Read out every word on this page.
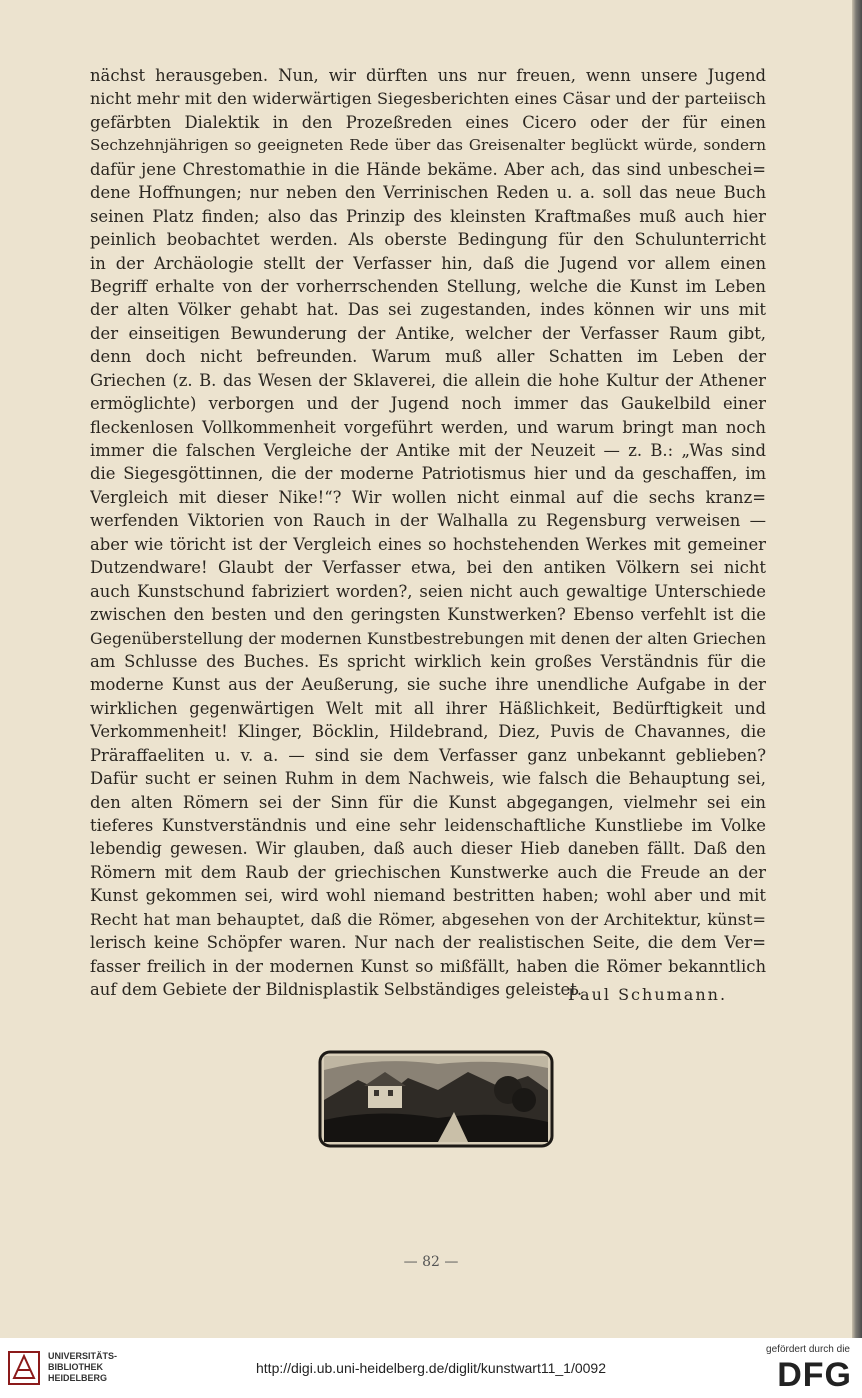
nächst herausgeben. Nun, wir dürften uns nur freuen, wenn unsere Jugend
nicht mehr mit den widerwärtigen Siegesberichten eines Cäsar und der parteiisch
gefärbten Dialektik in den Prozeßreden eines Cicero oder der für einen
Sechzehnjährigen so geeigneten Rede über das Greisenalter beglückt würde, sondern
dafür jene Chrestomathie in die Hände bekäme. Aber ach, das sind unbeschei=
dene Hoffnungen; nur neben den Verrinischen Reden u. a. soll das neue Buch
seinen Platz finden; also das Prinzip des kleinsten Kraftmaßes muß auch hier
peinlich beobachtet werden. Als oberste Bedingung für den Schulunterricht
in der Archäologie stellt der Verfasser hin, daß die Jugend vor allem einen
Begriff erhalte von der vorherrschenden Stellung, welche die Kunst im Leben
der alten Völker gehabt hat. Das sei zugestanden, indes können wir uns mit
der einseitigen Bewunderung der Antike, welcher der Verfasser Raum gibt,
denn doch nicht befreunden. Warum muß aller Schatten im Leben der
Griechen (z. B. das Wesen der Sklaverei, die allein die hohe Kultur der Athener
ermöglichte) verborgen und der Jugend noch immer das Gaukelbild einer
fleckenlosen Vollkommenheit vorgeführt werden, und warum bringt man noch
immer die falschen Vergleiche der Antike mit der Neuzeit — z. B.: „Was sind
die Siegesgöttinnen, die der moderne Patriotismus hier und da geschaffen, im
Vergleich mit dieser Nike!“? Wir wollen nicht einmal auf die sechs kranz=
werfenden Viktorien von Rauch in der Walhalla zu Regensburg verweisen —
aber wie töricht ist der Vergleich eines so hochstehenden Werkes mit gemeiner
Dutzendware! Glaubt der Verfasser etwa, bei den antiken Völkern sei nicht
auch Kunstschund fabriziert worden?, seien nicht auch gewaltige Unterschiede
zwischen den besten und den geringsten Kunstwerken? Ebenso verfehlt ist die
Gegenüberstellung der modernen Kunstbestrebungen mit denen der alten Griechen
am Schlusse des Buches. Es spricht wirklich kein großes Verständnis für die
moderne Kunst aus der Aeußerung, sie suche ihre unendliche Aufgabe in der
wirklichen gegenwärtigen Welt mit all ihrer Häßlichkeit, Bedürftigkeit und
Verkommenheit! Klinger, Böcklin, Hildebrand, Diez, Puvis de Chavannes, die
Präraffaeliten u. v. a. — sind sie dem Verfasser ganz unbekannt geblieben?
Dafür sucht er seinen Ruhm in dem Nachweis, wie falsch die Behauptung sei,
den alten Römern sei der Sinn für die Kunst abgegangen, vielmehr sei ein
tieferes Kunstverständnis und eine sehr leidenschaftliche Kunstliebe im Volke
lebendig gewesen. Wir glauben, daß auch dieser Hieb daneben fällt. Daß den
Römern mit dem Raub der griechischen Kunstwerke auch die Freude an der
Kunst gekommen sei, wird wohl niemand bestritten haben; wohl aber und mit
Recht hat man behauptet, daß die Römer, abgesehen von der Architektur, künst=
lerisch keine Schöpfer waren. Nur nach der realistischen Seite, die dem Ver=
fasser freilich in der modernen Kunst so mißfällt, haben die Römer bekanntlich
auf dem Gebiete der Bildnisplastik Selbständiges geleistet.
Paul Schumann.
— 82 —
UNIVERSITÄTS-
BIBLIOTHEK
HEIDELBERG
http://digi.ub.uni-heidelberg.de/diglit/kunstwart11_1/0092
gefördert durch die
DFG
